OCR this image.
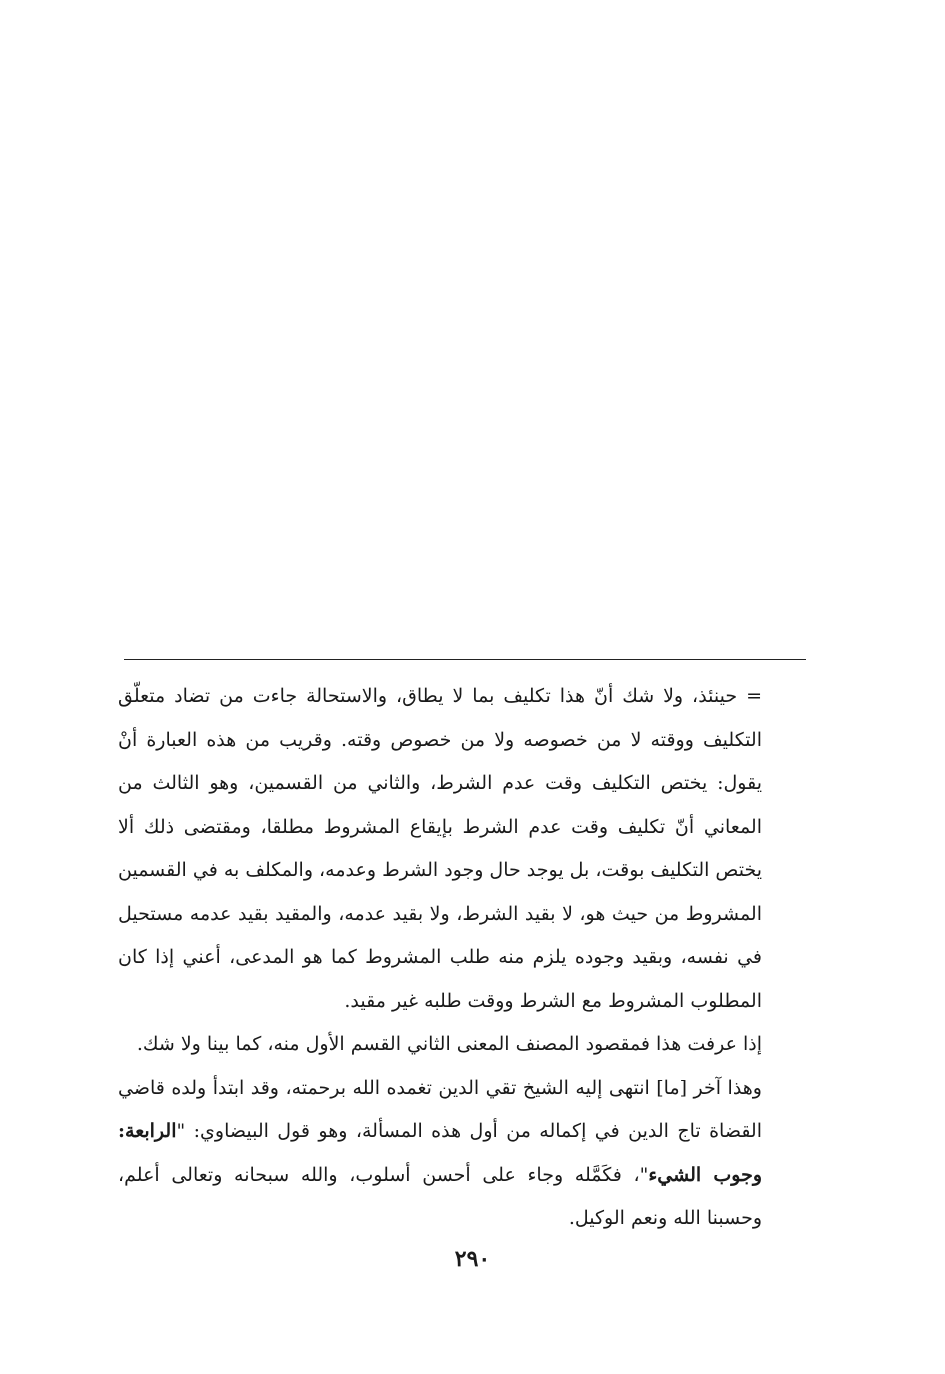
= حينئذ، ولا شك أنّ هذا تكليف بما لا يطاق، والاستحالة جاءت من تضاد متعلّق التكليف ووقته لا من خصوصه ولا من خصوص وقته. وقريب من هذه العبارة أنْ يقول: يختص التكليف وقت عدم الشرط، والثاني من القسمين، وهو الثالث من المعاني أنّ تكليف وقت عدم الشرط بإيقاع المشروط مطلقا، ومقتضى ذلك ألا يختص التكليف بوقت، بل يوجد حال وجود الشرط وعدمه، والمكلف به في القسمين المشروط من حيث هو، لا بقيد الشرط، ولا بقيد عدمه، والمقيد بقيد عدمه مستحيل في نفسه، وبقيد وجوده يلزم منه طلب المشروط كما هو المدعى، أعني إذا كان المطلوب المشروط مع الشرط ووقت طلبه غير مقيد.

إذا عرفت هذا فمقصود المصنف المعنى الثاني القسم الأول منه، كما بينا ولا شك.

وهذا آخر [ما] انتهى إليه الشيخ تقي الدين تغمده الله برحمته، وقد ابتدأ ولده قاضي القضاة تاج الدين في إكماله من أول هذه المسألة، وهو قول البيضاوي: "الرابعة: وجوب الشيء"، فكَمَّله وجاء على أحسن أسلوب، والله سبحانه وتعالى أعلم، وحسبنا الله ونعم الوكيل.

٢٩٠
